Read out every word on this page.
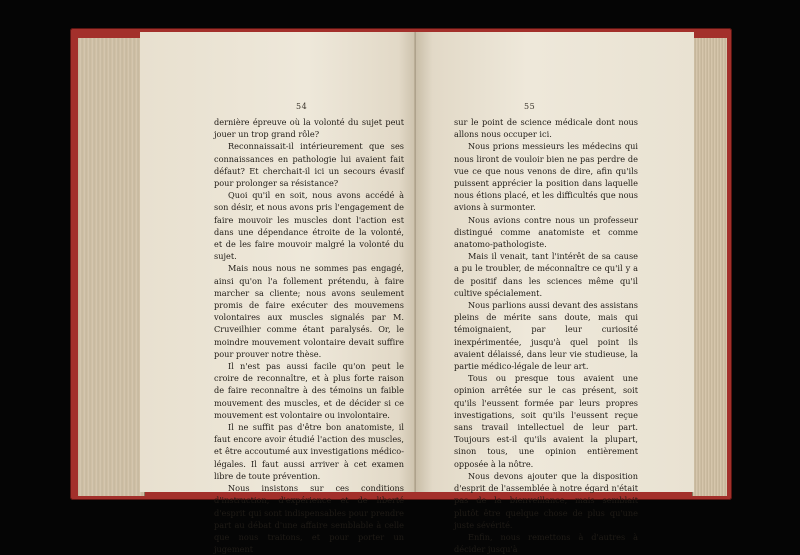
54

dernière épreuve où la volonté du sujet peut jouer un trop grand rôle?

Reconnaissait-il intérieurement que ses connaissances en pathologie lui avaient fait défaut? Et cherchait-il ici un secours évasif pour prolonger sa résistance?

Quoi qu'il en soit, nous avons accédé à son désir, et nous avons pris l'engagement de faire mouvoir les muscles dont l'action est dans une dépendance étroite de la volonté, et de les faire mouvoir malgré la volonté du sujet.

Mais nous nous ne sommes pas engagé, ainsi qu'on l'a follement prétendu, à faire marcher sa cliente; nous avons seulement promis de faire exécuter des mouvemens volontaires aux muscles signalés par M. Cruveilhier comme étant paralysés. Or, le moindre mouvement volontaire devait suffire pour prouver notre thèse.

Il n'est pas aussi facile qu'on peut le croire de reconnaître, et à plus forte raison de faire reconnaître à des témoins un faible mouvement des muscles, et de décider si ce mouvement est volontaire ou involontaire.

Il ne suffit pas d'être bon anatomiste, il faut encore avoir étudié l'action des muscles, et être accoutumé aux investigations médico-légales. Il faut aussi arriver à cet examen libre de toute prévention.

Nous insistons sur ces conditions d'instruction, d'expérience et de liberté d'esprit qui sont indispensables pour prendre part au débat d'une affaire semblable à celle que nous traitons, et pour porter un jugement

55

sur le point de science médicale dont nous allons nous occuper ici.

Nous prions messieurs les médecins qui nous liront de vouloir bien ne pas perdre de vue ce que nous venons de dire, afin qu'ils puissent apprécier la position dans laquelle nous étions placé, et les difficultés que nous avions à surmonter.

Nous avions contre nous un professeur distingué comme anatomiste et comme anatomo-pathologiste.

Mais il venait, tant l'intérêt de sa cause a pu le troubler, de méconnaître ce qu'il y a de positif dans les sciences même qu'il cultive spécialement.

Nous parlions aussi devant des assistans pleins de mérite sans doute, mais qui témoignaient, par leur curiosité inexpérimentée, jusqu'à quel point ils avaient délaissé, dans leur vie studieuse, la partie médico-légale de leur art.

Tous ou presque tous avaient une opinion arrêtée sur le cas présent, soit qu'ils l'eussent formée par leurs propres investigations, soit qu'ils l'eussent reçue sans travail intellectuel de leur part. Toujours est-il qu'ils avaient la plupart, sinon tous, une opinion entièrement opposée à la nôtre.

Nous devons ajouter que la disposition d'esprit de l'assemblée à notre égard n'était pas de la bienveillance, mais semblait plutôt être quelque chose de plus qu'une juste sévérité.

Enfin, nous remettons à d'autres à décider jusqu'à
